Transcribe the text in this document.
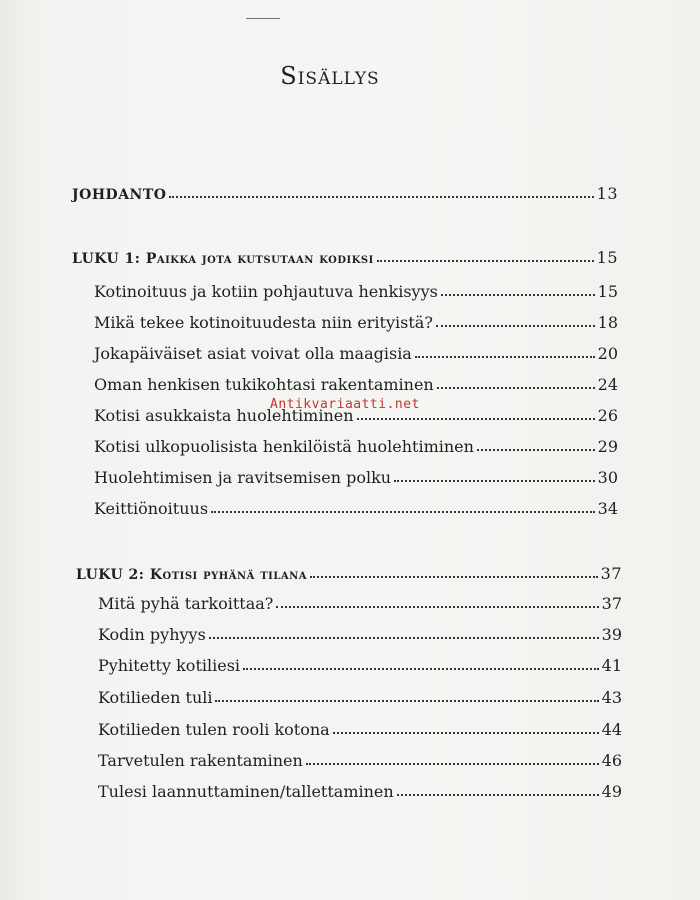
Sisällys
JOHDANTO	13
LUKU 1: Paikka jota kutsutaan kodiksi	15
Kotinoituus ja kotiin pohjautuva henkisyys	15
Mikä tekee kotinoituudesta niin erityistä?	18
Jokapäiväiset asiat voivat olla maagisia	20
Oman henkisen tukikohtasi rakentaminen	24
Kotisi asukkaista huolehtiminen	26
Kotisi ulkopuolisista henkilöistä huolehtiminen	29
Huolehtimisen ja ravitsemisen polku	30
Keittiönoituus	34
LUKU 2: Kotisi pyhänä tilana	37
Mitä pyhä tarkoittaa?	37
Kodin pyhyys	39
Pyhitetty kotiliesi	41
Kotilieden tuli	43
Kotilieden tulen rooli kotona	44
Tarvetulen rakentaminen	46
Tulesi laannuttaminen/tallettaminen	49
Antikvariaatti.net
